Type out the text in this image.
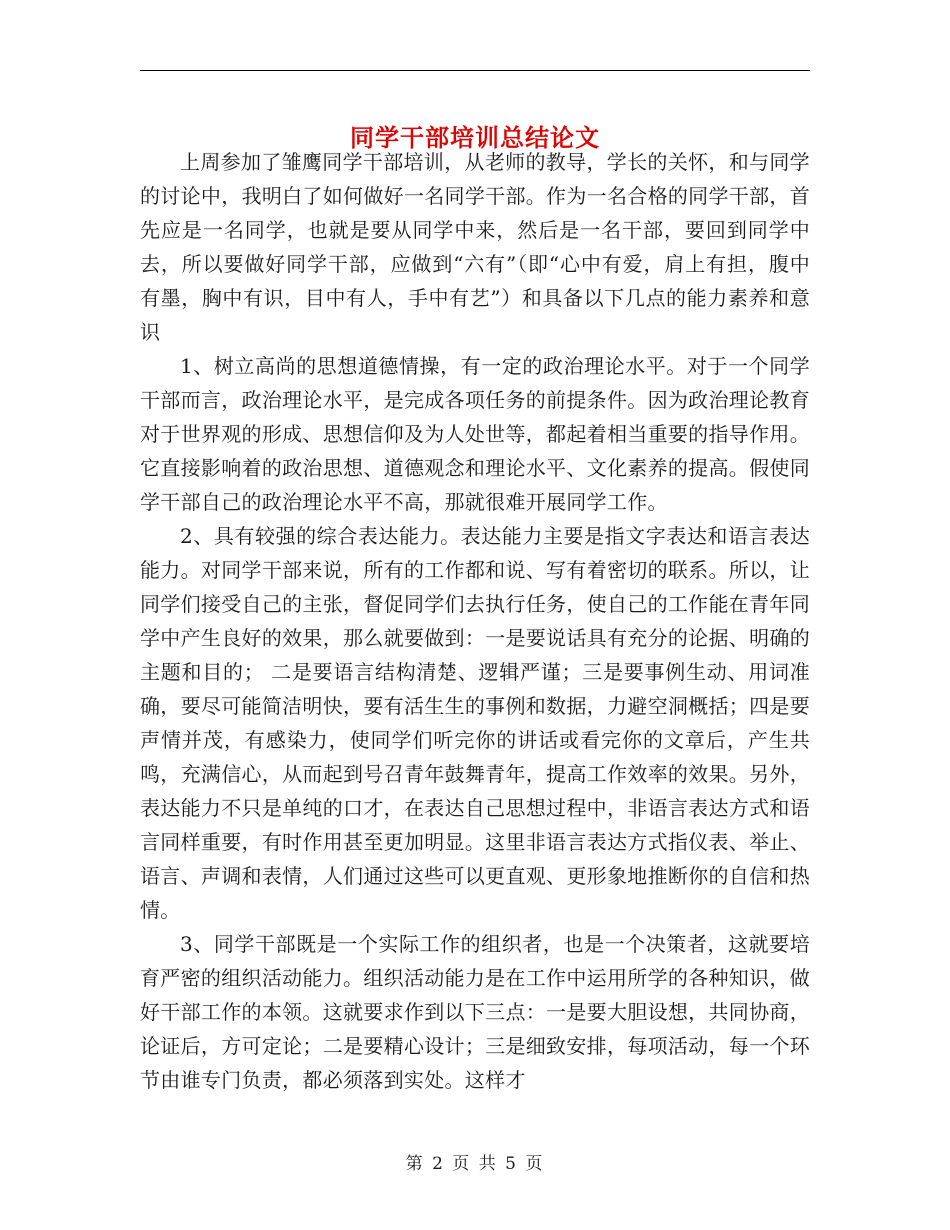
同学干部培训总结论文

上周参加了雏鹰同学干部培训，从老师的教导，学长的关怀，和与同学的讨论中，我明白了如何做好一名同学干部。作为一名合格的同学干部，首先应是一名同学，也就是要从同学中来，然后是一名干部，要回到同学中去，所以要做好同学干部，应做到“六有”（即“心中有爱，肩上有担，腹中有墨，胸中有识，目中有人，手中有艺”）和具备以下几点的能力素养和意识

1、树立高尚的思想道德情操，有一定的政治理论水平。对于一个同学干部而言，政治理论水平，是完成各项任务的前提条件。因为政治理论教育对于世界观的形成、思想信仰及为人处世等，都起着相当重要的指导作用。它直接影响着的政治思想、道德观念和理论水平、文化素养的提高。假使同学干部自己的政治理论水平不高，那就很难开展同学工作。

2、具有较强的综合表达能力。表达能力主要是指文字表达和语言表达能力。对同学干部来说，所有的工作都和说、写有着密切的联系。所以，让同学们接受自己的主张，督促同学们去执行任务，使自己的工作能在青年同学中产生良好的效果，那么就要做到：一是要说话具有充分的论据、明确的主题和目的； 二是要语言结构清楚、逻辑严谨；三是要事例生动、用词准确，要尽可能简洁明快，要有活生生的事例和数据，力避空洞概括；四是要声情并茂，有感染力，使同学们听完你的讲话或看完你的文章后，产生共鸣，充满信心，从而起到号召青年鼓舞青年，提高工作效率的效果。另外，表达能力不只是单纯的口才，在表达自己思想过程中，非语言表达方式和语言同样重要，有时作用甚至更加明显。这里非语言表达方式指仪表、举止、语言、声调和表情，人们通过这些可以更直观、更形象地推断你的自信和热情。

3、同学干部既是一个实际工作的组织者，也是一个决策者，这就要培育严密的组织活动能力。组织活动能力是在工作中运用所学的各种知识，做好干部工作的本领。这就要求作到以下三点：一是要大胆设想，共同协商，论证后，方可定论；二是要精心设计；三是细致安排，每项活动，每一个环节由谁专门负责，都必须落到实处。这样才

第 2 页 共 5 页
